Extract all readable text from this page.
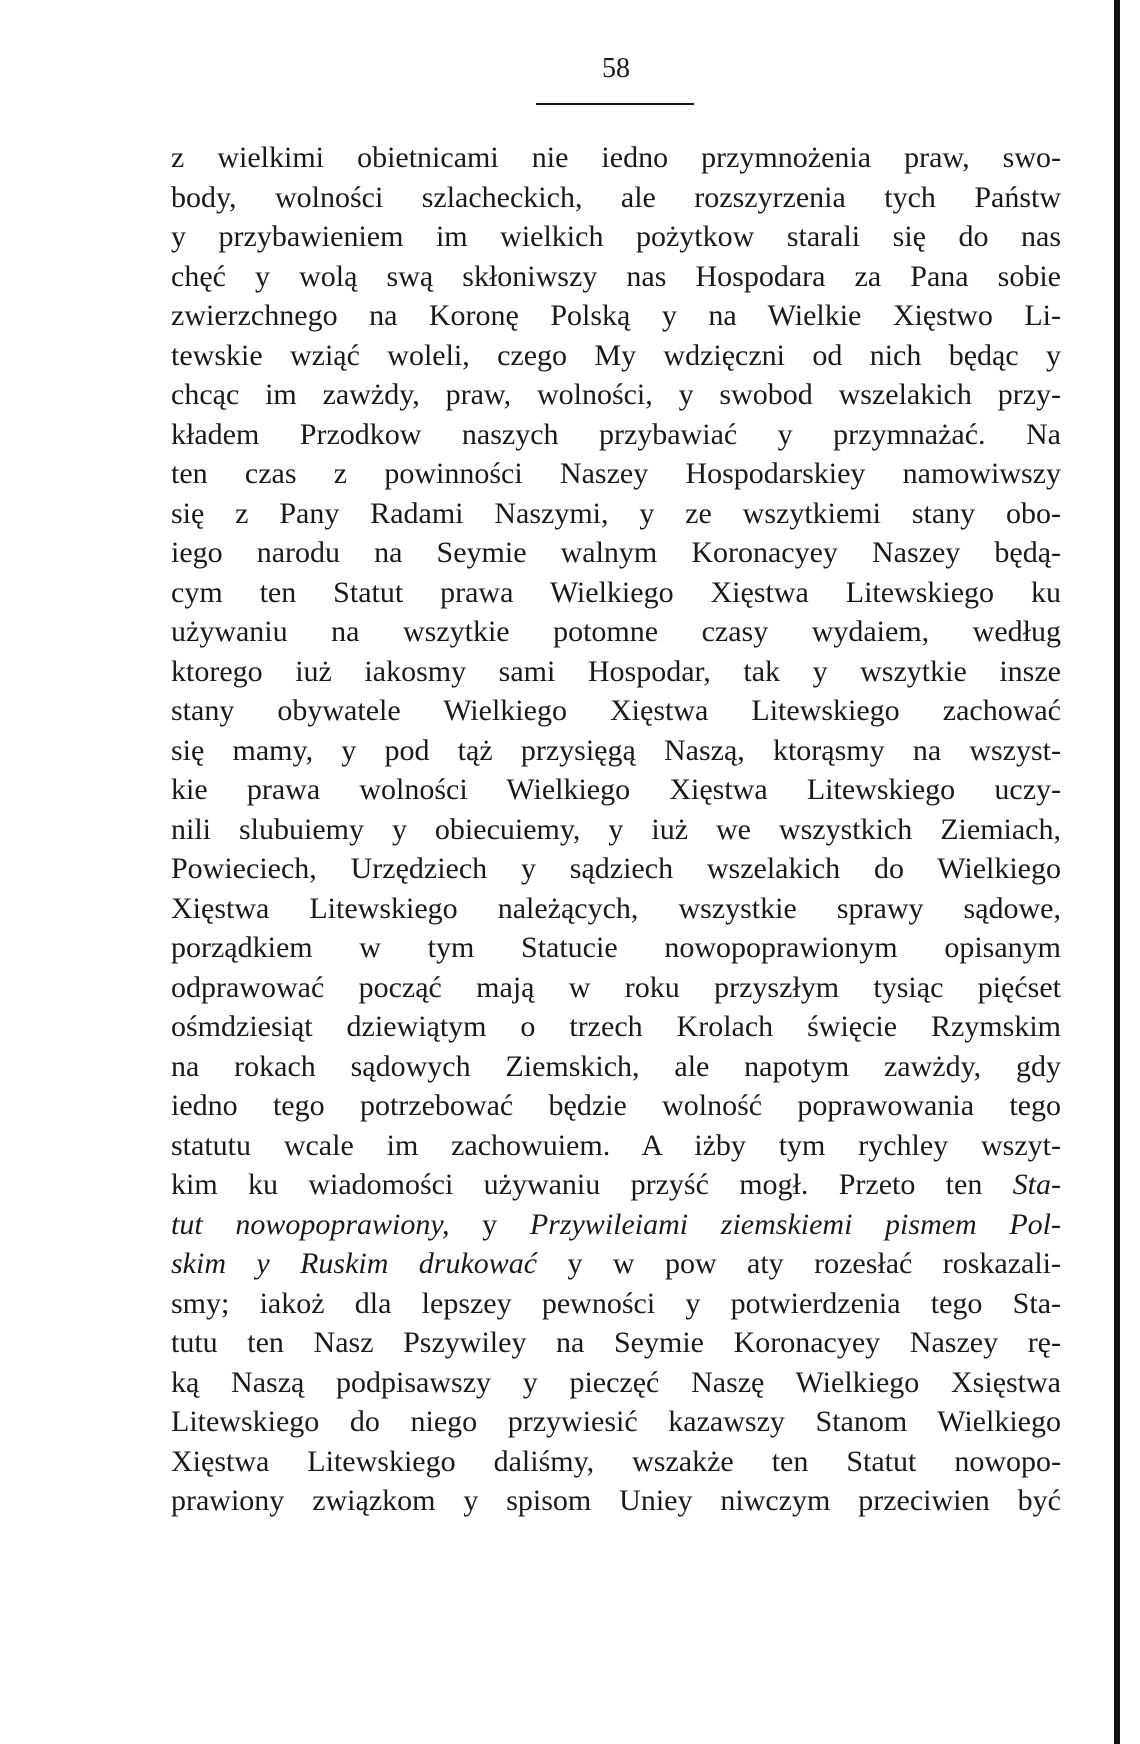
58
z wielkimi obietnicami nie iedno przymnożenia praw, swo-
body, wolności szlacheckich, ale rozszyrzenia tych Państw
y przybawieniem im wielkich pożytkow starali się do nas
chęć y wolą swą skłoniwszy nas Hospodara za Pana sobie
zwierzchnego na Koronę Polską y na Wielkie Xięstwo Li-
tewskie wziąć woleli, czego My wdzięczni od nich będąc y
chcąc im zawżdy, praw, wolności, y swobod wszelakich przy-
kładem Przodkow naszych przybawiać y przymnażać. Na
ten czas z powinności Naszey Hospodarskiey namowiwszy
się z Pany Radami Naszymi, y ze wszytkiemi stany obo-
iego narodu na Seymie walnym Koronacyey Naszey będą-
cym ten Statut prawa Wielkiego Xięstwa Litewskiego ku
używaniu na wszytkie potomne czasy wydaiem, według
ktorego iuż iakosmy sami Hospodar, tak y wszytkie insze
stany obywatele Wielkiego Xięstwa Litewskiego zachować
się mamy, y pod tąż przysięgą Naszą, ktorąsmy na wszyst-
kie prawa wolności Wielkiego Xięstwa Litewskiego uczy-
nili slubuiemy y obiecuiemy, y iuż we wszystkich Ziemiach,
Powieciech, Urzędziech y sądziech wszelakich do Wielkiego
Xięstwa Litewskiego należących, wszystkie sprawy sądowe,
porządkiem w tym Statucie nowopoprawionym opisanym
odprawować począć mają w roku przyszłym tysiąc pięćset
ośmdziesiąt dziewiątym o trzech Krolach święcie Rzymskim
na rokach sądowych Ziemskich, ale napotym zawżdy, gdy
iedno tego potrzebować będzie wolność poprawowania tego
statutu wcale im zachowuiem. A iżby tym rychley wszyt-
kim ku wiadomości używaniu przyść mogł. Przeto ten Sta-
tut nowopoprawiony, y Przywileiami ziemskiemi pismem Pol-
skim y Ruskim drukować y w pow aty rozesłać roskazali-
smy; iakoż dla lepszey pewności y potwierdzenia tego Sta-
tutu ten Nasz Pszywiley na Seymie Koronacyey Naszey rę-
ką Naszą podpisawszy y pieczęć Naszę Wielkiego Xsięstwa
Litewskiego do niego przywiesić kazawszy Stanom Wielkiego
Xięstwa Litewskiego daliśmy, wszakże ten Statut nowopo-
prawiony związkom y spisom Uniey niwczym przeciwien być
